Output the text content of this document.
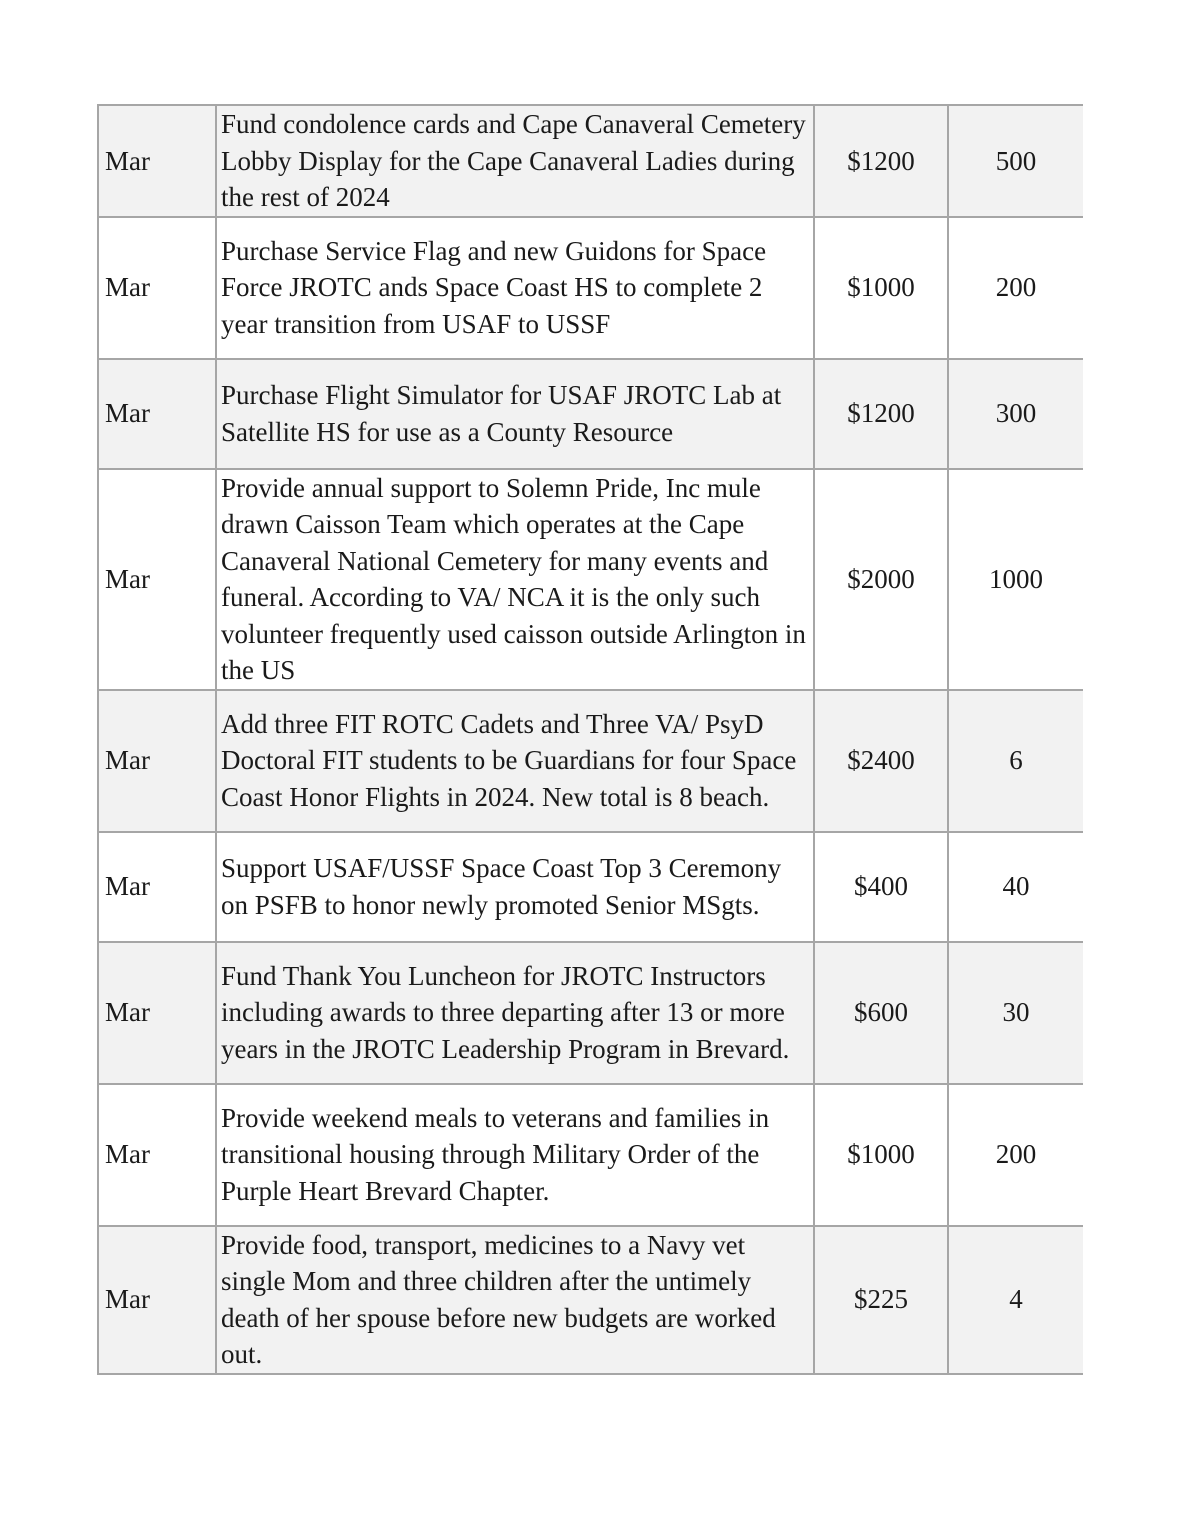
Mar	Fund condolence cards and Cape Canaveral Cemetery Lobby Display for the Cape Canaveral Ladies during the rest of 2024	$1200	500
Mar	Purchase Service Flag and new Guidons for Space Force JROTC ands Space Coast HS to complete 2 year transition from USAF to USSF	$1000	200
Mar	Purchase Flight Simulator for USAF JROTC Lab at Satellite HS for use as a County Resource	$1200	300
Mar	Provide annual support to Solemn Pride, Inc mule drawn Caisson Team which operates at the Cape Canaveral National Cemetery for many events and funeral. According to VA/ NCA it is the only such volunteer frequently used caisson outside Arlington in the US	$2000	1000
Mar	Add three FIT ROTC Cadets and Three VA/ PsyD Doctoral FIT students to be Guardians for four Space Coast Honor Flights in 2024. New total is 8 beach.	$2400	6
Mar	Support USAF/USSF Space Coast Top 3 Ceremony on PSFB to honor newly promoted Senior MSgts.	$400	40
Mar	Fund Thank You Luncheon for JROTC Instructors including awards to three departing after 13 or more years in the JROTC Leadership Program in Brevard.	$600	30
Mar	Provide weekend meals to veterans and families in transitional housing through Military Order of the Purple Heart Brevard Chapter.	$1000	200
Mar	Provide food, transport, medicines to a Navy vet single Mom and three children after the untimely death of her spouse before new budgets are worked out.	$225	4
